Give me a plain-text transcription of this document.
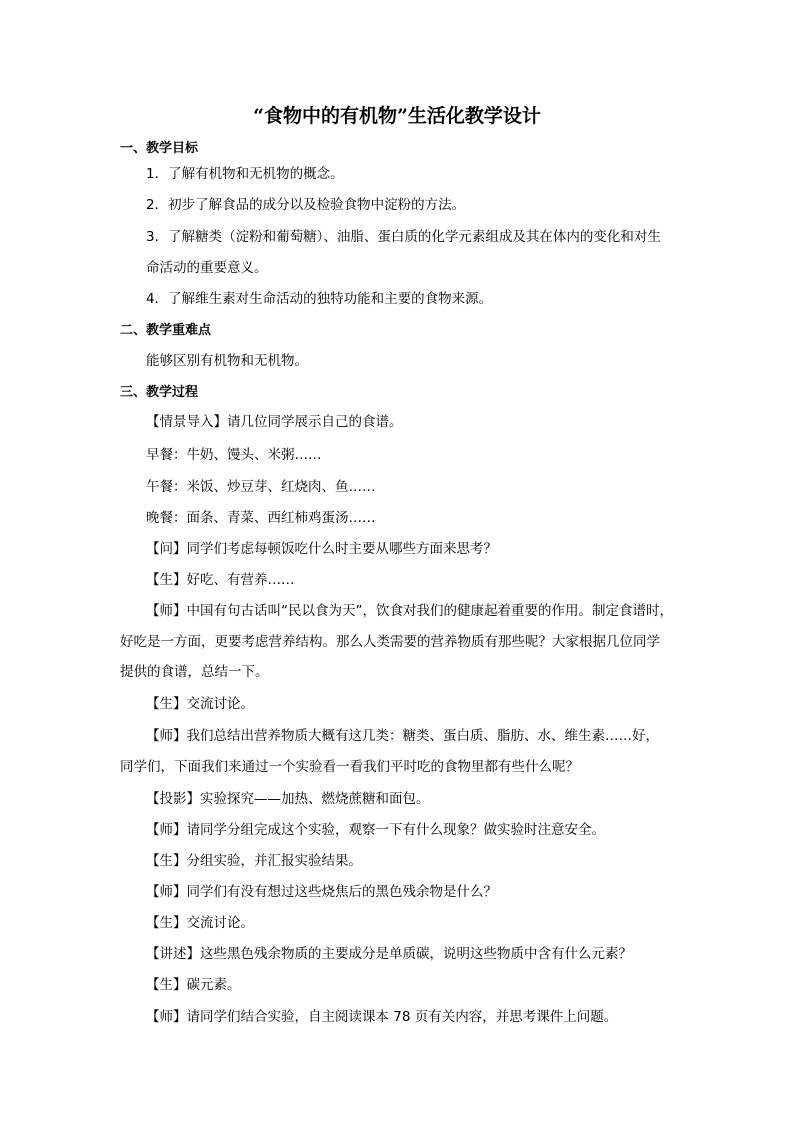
“食物中的有机物”生活化教学设计
一、教学目标
1．了解有机物和无机物的概念。
2．初步了解食品的成分以及检验食物中淀粉的方法。
3．了解糖类（淀粉和葡萄糖）、油脂、蛋白质的化学元素组成及其在体内的变化和对生
命活动的重要意义。
4．了解维生素对生命活动的独特功能和主要的食物来源。
二、教学重难点
能够区别有机物和无机物。
三、教学过程
【情景导入】请几位同学展示自己的食谱。
早餐：牛奶、馒头、米粥……
午餐：米饭、炒豆芽、红烧肉、鱼……
晚餐：面条、青菜、西红柿鸡蛋汤……
【问】同学们考虑每顿饭吃什么时主要从哪些方面来思考？
【生】好吃、有营养……
【师】中国有句古话叫“民以食为天”，饮食对我们的健康起着重要的作用。制定食谱时，
好吃是一方面，更要考虑营养结构。那么人类需要的营养物质有那些呢？大家根据几位同学
提供的食谱，总结一下。
【生】交流讨论。
【师】我们总结出营养物质大概有这几类：糖类、蛋白质、脂肪、水、维生素……好，
同学们，下面我们来通过一个实验看一看我们平时吃的食物里都有些什么呢？
【投影】实验探究——加热、燃烧蔗糖和面包。
【师】请同学分组完成这个实验，观察一下有什么现象？做实验时注意安全。
【生】分组实验，并汇报实验结果。
【师】同学们有没有想过这些烧焦后的黑色残余物是什么？
【生】交流讨论。
【讲述】这些黑色残余物质的主要成分是单质碳，说明这些物质中含有什么元素？
【生】碳元素。
【师】请同学们结合实验，自主阅读课本 78 页有关内容，并思考课件上问题。
